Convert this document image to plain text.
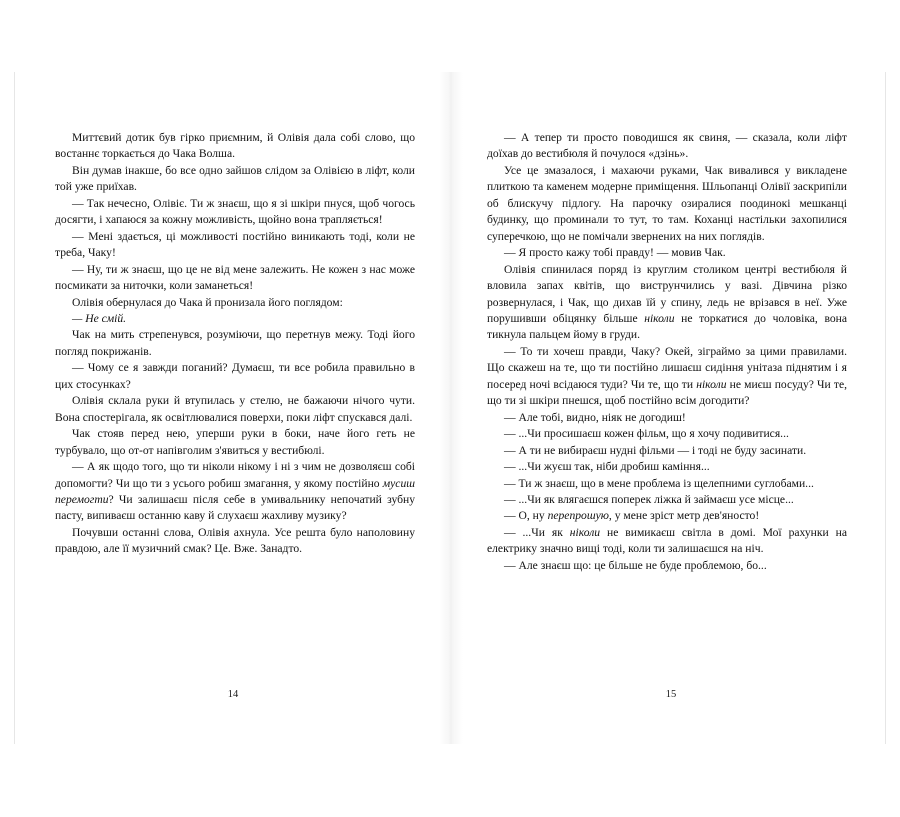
Миттєвий дотик був гірко приємним, й Олівія дала собі слово, що востаннє торкається до Чака Волша.

Він думав інакше, бо все одно зайшов слідом за Олівією в ліфт, коли той уже приїхав.

— Так нечесно, Олівіє. Ти ж знаєш, що я зі шкіри пнуся, щоб чогось досягти, і хапаюся за кожну можливість, щойно вона трапляється!

— Мені здається, ці можливості постійно виникають тоді, коли не треба, Чаку!

— Ну, ти ж знаєш, що це не від мене залежить. Не кожен з нас може посмикати за ниточки, коли заманеться!

Олівія обернулася до Чака й пронизала його поглядом:

— Не смій.

Чак на мить стрепенувся, розуміючи, що перетнув межу. Тоді його погляд покрижанів.

— Чому се я завжди поганий? Думаєш, ти все робила правильно в цих стосунках?

Олівія склала руки й втупилась у стелю, не бажаючи нічого чути. Вона спостерігала, як освітлювалися поверхи, поки ліфт спускався далі.

Чак стояв перед нею, уперши руки в боки, наче його геть не турбувало, що от-от напівголим з'явиться у вестибюлі.

— А як щодо того, що ти ніколи нікому і ні з чим не дозволяєш собі допомогти? Чи що ти з усього робиш змагання, у якому постійно мусиш перемогти? Чи залишаєш після себе в умивальнику непочатий зубну пасту, випиваєш останню каву й слухаєш жахливу музику?

Почувши останні слова, Олівія ахнула. Усе решта було наполовину правдою, але її музичний смак? Це. Вже. Занадто.

14

— А тепер ти просто поводишся як свиня, — сказала, коли ліфт доїхав до вестибюля й почулося «дзінь».

Усе це змазалося, і махаючи руками, Чак вивалився у викладене плиткою та каменем модерне приміщення. Шльопанці Олівії заскрипіли об блискучу підлогу. На парочку озиралися поодинокі мешканці будинку, що проминали то тут, то там. Коханці настільки захопилися суперечкою, що не помічали звернених на них поглядів.

— Я просто кажу тобі правду! — мовив Чак.

Олівія спинилася поряд із круглим столиком центрі вестибюля й вловила запах квітів, що виструнчились у вазі. Дівчина різко розвернулася, і Чак, що дихав їй у спину, ледь не врізався в неї. Уже порушивши обіцянку більше ніколи не торкатися до чоловіка, вона тикнула пальцем йому в груди.

— То ти хочеш правди, Чаку? Окей, зіграймо за цими правилами. Що скажеш на те, що ти постійно лишаєш сидіння унітаза піднятим і я посеред ночі всідаюся туди? Чи те, що ти ніколи не миєш посуду? Чи те, що ти зі шкіри пнешся, щоб постійно всім догодити?

— Але тобі, видно, ніяк не догодиш!

— ...Чи просишаєш кожен фільм, що я хочу подивитися...

— А ти не вибираєш нудні фільми — і тоді не буду засинати.

— ...Чи жуєш так, ніби дробиш каміння...

— Ти ж знаєш, що в мене проблема із щелепними суглобами...

— ...Чи як влягаєшся поперек ліжка й займаєш усе місце...

— О, ну перепрошую, у мене зріст метр дев'яносто!

— ...Чи як ніколи не вимикаєш світла в домі. Мої рахунки на електрику значно вищі тоді, коли ти залишаєшся на ніч.

— Але знаєш що: це більше не буде проблемою, бо...

15
